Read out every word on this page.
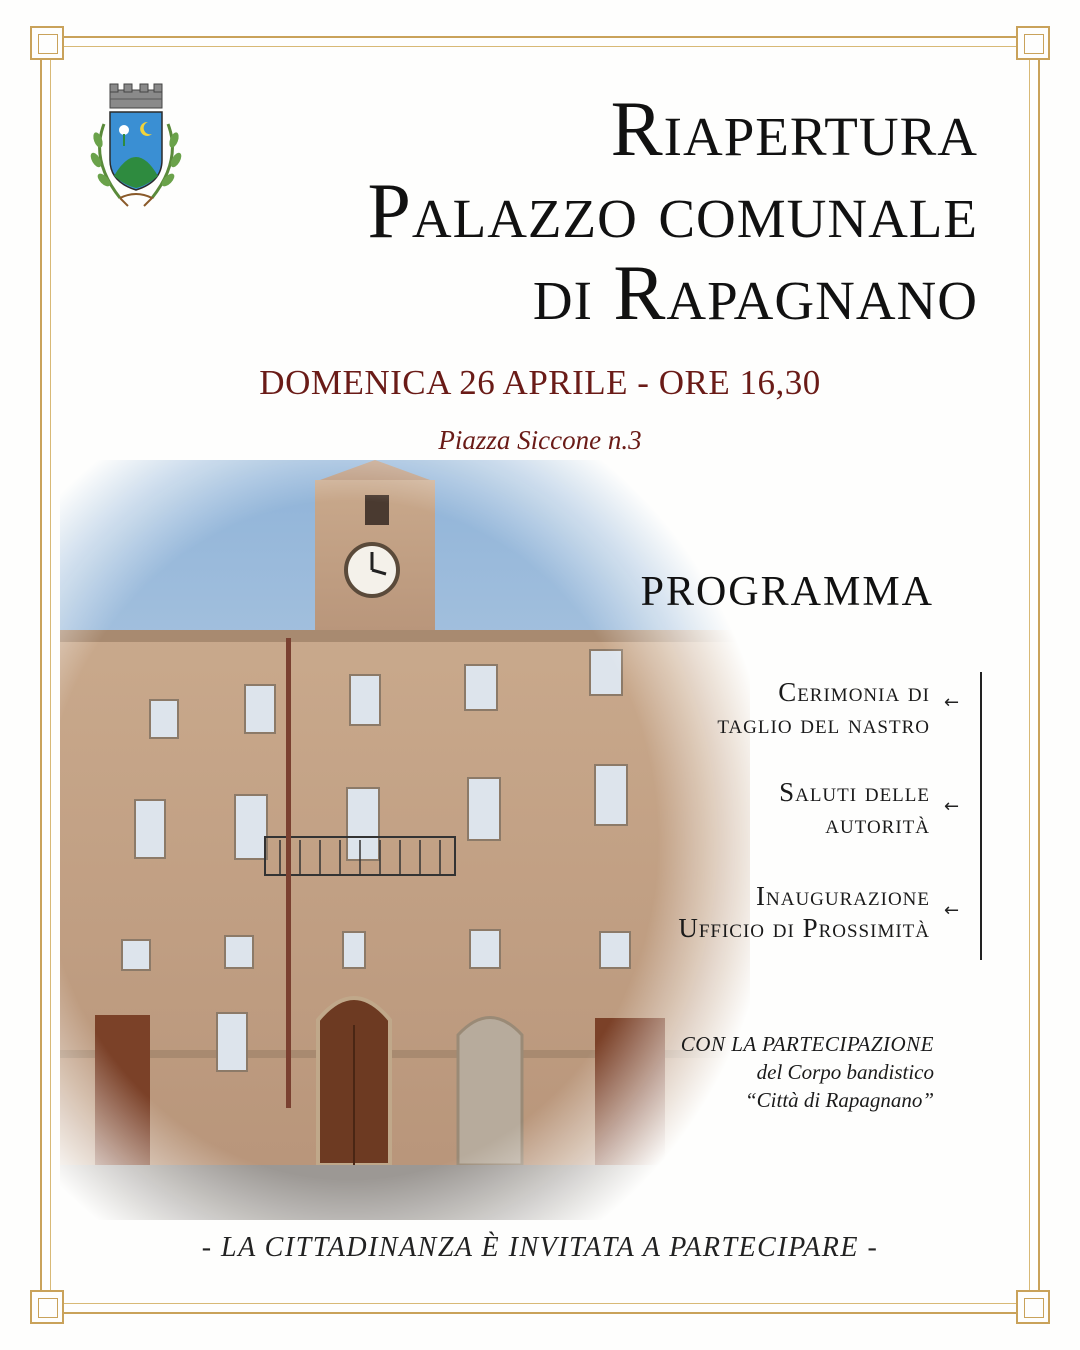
Riapertura
Palazzo comunale
di Rapagnano
DOMENICA 26 APRILE - ORE 16,30
Piazza Siccone n.3
PROGRAMMA
Cerimonia di
taglio del nastro
←
Saluti delle
autorità
←
Inaugurazione
Ufficio di Prossimità
←
CON LA PARTECIPAZIONE
del Corpo bandistico
“Città di Rapagnano”
- LA CITTADINANZA È INVITATA A PARTECIPARE -
